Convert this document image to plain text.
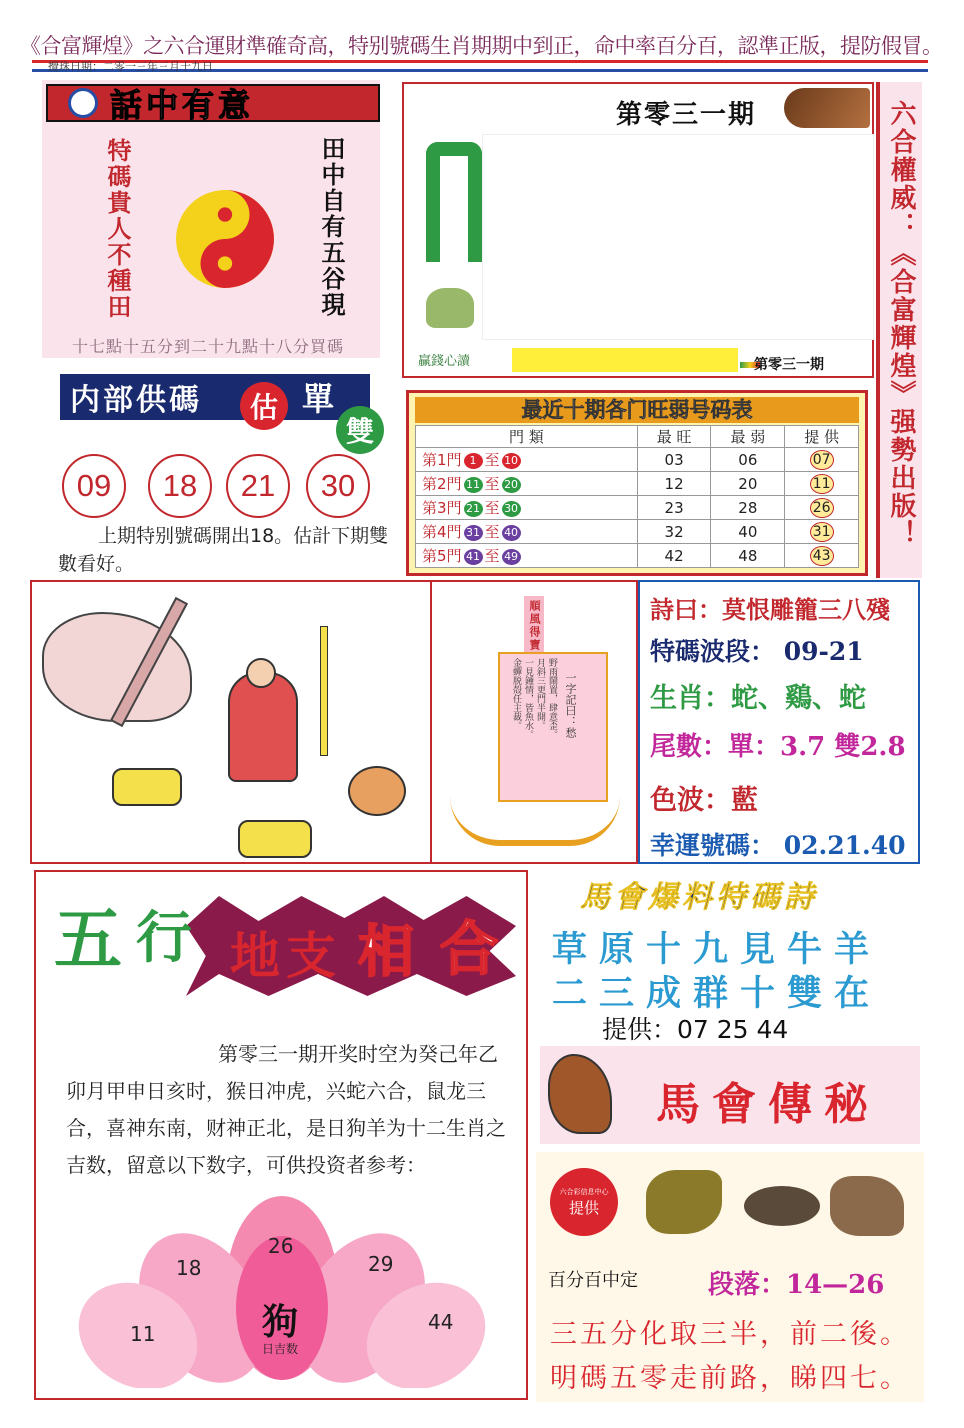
《合富輝煌》之六合運財準確奇高，特别號碼生肖期期中到正，命中率百分百，認準正版，提防假冒。
攪珠日期：二零一三年三月十九日
話中有意
特碼貴人不種田	田中自有五谷現
十七點十五分到二十九點十八分買碼
第零三一期
贏錢心讀	第零三一期 六合權威：《合富輝煌》强勢出版！
内部供碼 估 單
雙
09	18	21	30
上期特别號碼開出18。估計下期雙數看好。
最近十期各门旺弱号码表
門 類	最 旺	最 弱	提 供
第1門 1 至 10	03	06	07
第2門 11 至 20	12	20	11
第3門 21 至 30	23	28	26
第4門 31 至 40	32	40	31
第5門 41 至 49	42	48	43
順風得寶
一字記曰：愁
野雨鬧置，肆意歪。
月斜三更門半開。
一見鍾情，皆魚水。
金蟬脱殻任主裁。
詩曰：莫恨雕籠三八殘
特碼波段： 09-21
生肖：蛇、鷄、蛇
尾數：單：3.7 雙2.8
色波：藍
幸運號碼： 02.21.40
五 行 地 支 相 合
第零三一期开奖时空为癸己年乙卯月甲申日亥时，猴日冲虎，兴蛇六合，鼠龙三合，喜神东南，财神正北，是日狗羊为十二生肖之吉数，留意以下数字，可供投资者参考：
26
18	29
11	44
狗
日吉数
馬會爆料特碼詩
草原十九見牛羊
二三成群十雙在
提供：07 25 44
馬會傳秘
六合彩信息中心
提供
百分百中定	段落：14—26
三五分化取三半，前二後。
明碼五零走前路，睇四七。
